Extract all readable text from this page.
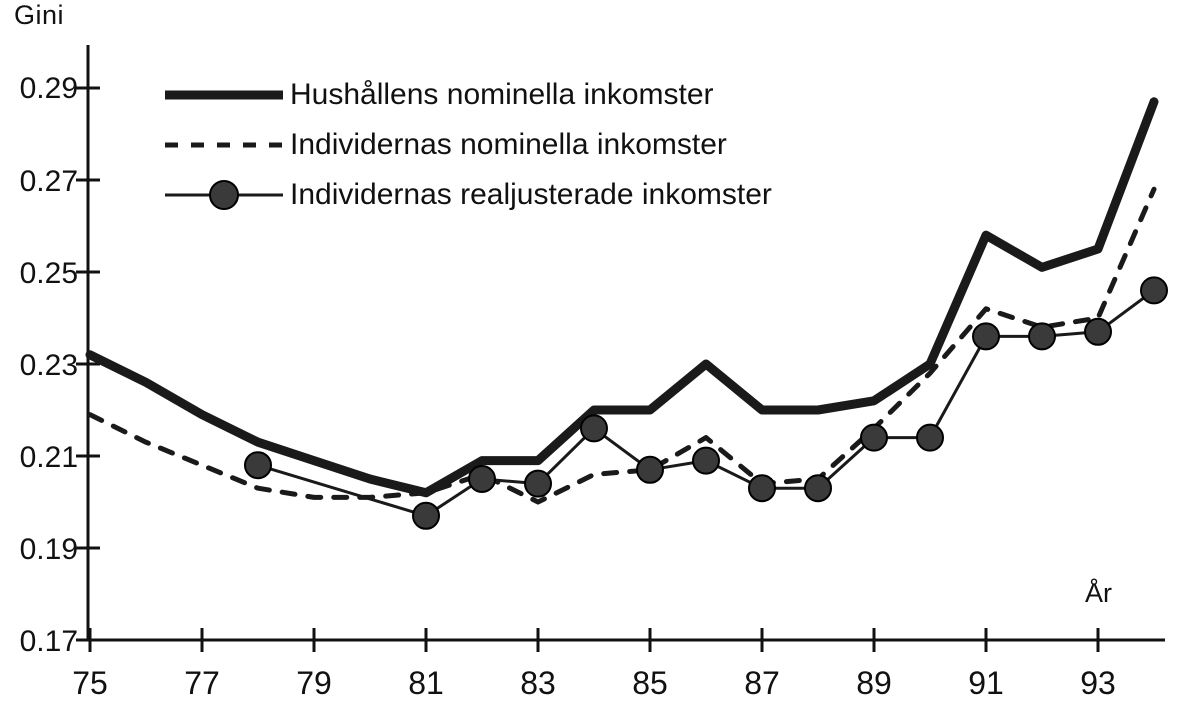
Gini
År
0.29
0.27
0.25
0.23
0.21
0.19
0.17
75	77	79	81	83	85	87	89	91	93
Hushållens nominella inkomster
Individernas nominella inkomster
Individernas realjusterade inkomster
